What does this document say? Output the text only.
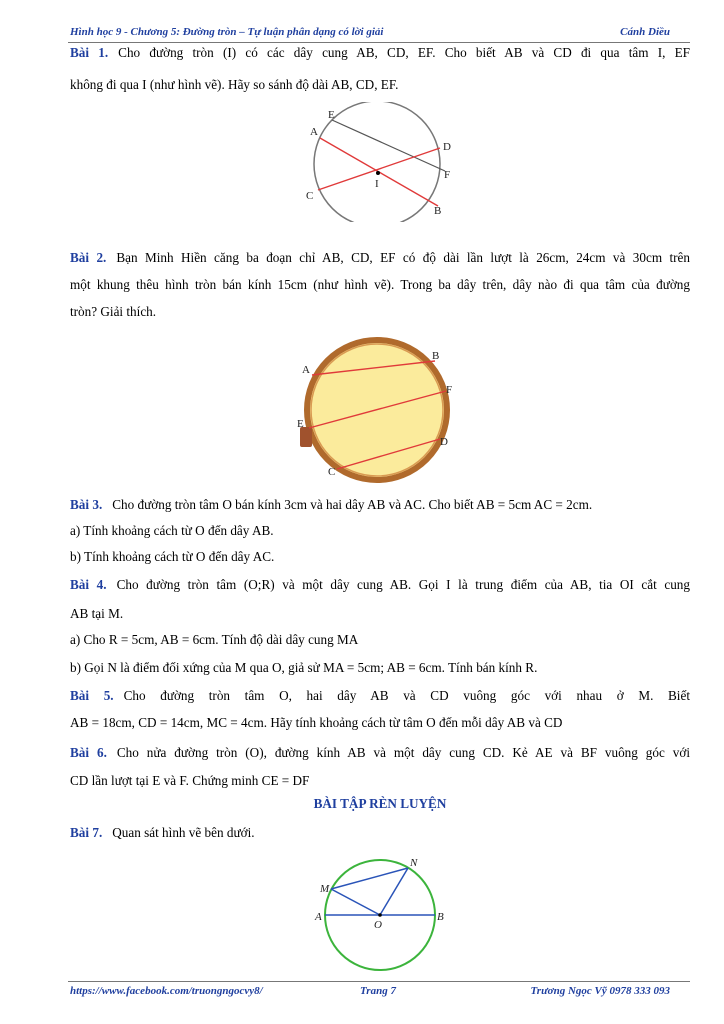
Hình học 9 - Chương 5: Đường tròn – Tự luận phân dạng có lời giải	Cánh Diều

Bài 1. Cho đường tròn (I) có các dây cung AB, CD, EF. Cho biết AB và CD đi qua tâm I, EF

không đi qua I (như hình vẽ). Hãy so sánh độ dài AB, CD, EF.

E
A
D
F
I
C
B

Bài 2. Bạn Minh Hiền căng ba đoạn chỉ AB, CD, EF có độ dài lần lượt là 26cm, 24cm và 30cm trên

một khung thêu hình tròn bán kính 15cm (như hình vẽ). Trong ba dây trên, dây nào đi qua tâm của đường

tròn? Giải thích.

A
B
F
E
D
C

Bài 3. Cho đường tròn tâm O bán kính 3cm và hai dây AB và AC. Cho biết AB = 5cm AC = 2cm.

a) Tính khoảng cách từ O đến dây AB.

b) Tính khoảng cách từ O đến dây AC.

Bài 4. Cho đường tròn tâm (O;R) và một dây cung AB. Gọi I là trung điểm của AB, tia OI cắt cung

AB tại M.

a) Cho R = 5cm, AB = 6cm. Tính độ dài dây cung MA

b) Gọi N là điểm đối xứng của M qua O, giả sử MA = 5cm; AB = 6cm. Tính bán kính R.

Bài 5. Cho đường tròn tâm O, hai dây AB và CD vuông góc với nhau ở M. Biết

AB = 18cm, CD = 14cm, MC = 4cm. Hãy tính khoảng cách từ tâm O đến mỗi dây AB và CD

Bài 6. Cho nửa đường tròn (O), đường kính AB và một dây cung CD. Kẻ AE và BF vuông góc với

CD lần lượt tại E và F. Chứng minh CE = DF

BÀI TẬP RÈN LUYỆN

Bài 7. Quan sát hình vẽ bên dưới.

N
M
A
O
B
https://www.facebook.com/truongngocvy8/	Trang 7	Trương Ngọc Vỹ 0978 333 093
